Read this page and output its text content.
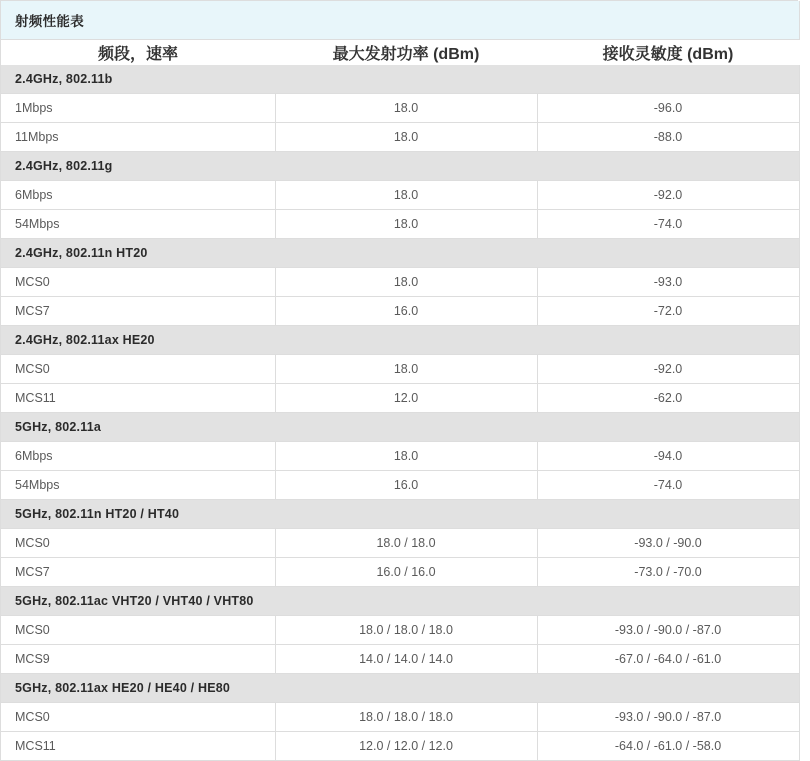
射频性能表		
频段，速率	最大发射功率 (dBm)	接收灵敏度 (dBm)
2.4GHz, 802.11b		
1Mbps	18.0	-96.0
11Mbps	18.0	-88.0
2.4GHz, 802.11g		
6Mbps	18.0	-92.0
54Mbps	18.0	-74.0
2.4GHz, 802.11n HT20		
MCS0	18.0	-93.0
MCS7	16.0	-72.0
2.4GHz, 802.11ax HE20		
MCS0	18.0	-92.0
MCS11	12.0	-62.0
5GHz, 802.11a		
6Mbps	18.0	-94.0
54Mbps	16.0	-74.0
5GHz, 802.11n HT20 / HT40		
MCS0	18.0 / 18.0	-93.0 / -90.0
MCS7	16.0 / 16.0	-73.0 / -70.0
5GHz, 802.11ac VHT20 / VHT40 / VHT80		
MCS0	18.0 / 18.0 / 18.0	-93.0 / -90.0 / -87.0
MCS9	14.0 / 14.0 / 14.0	-67.0 / -64.0 / -61.0
5GHz, 802.11ax HE20 / HE40 / HE80		
MCS0	18.0 / 18.0 / 18.0	-93.0 / -90.0 / -87.0
MCS11	12.0 / 12.0 / 12.0	-64.0 / -61.0 / -58.0
